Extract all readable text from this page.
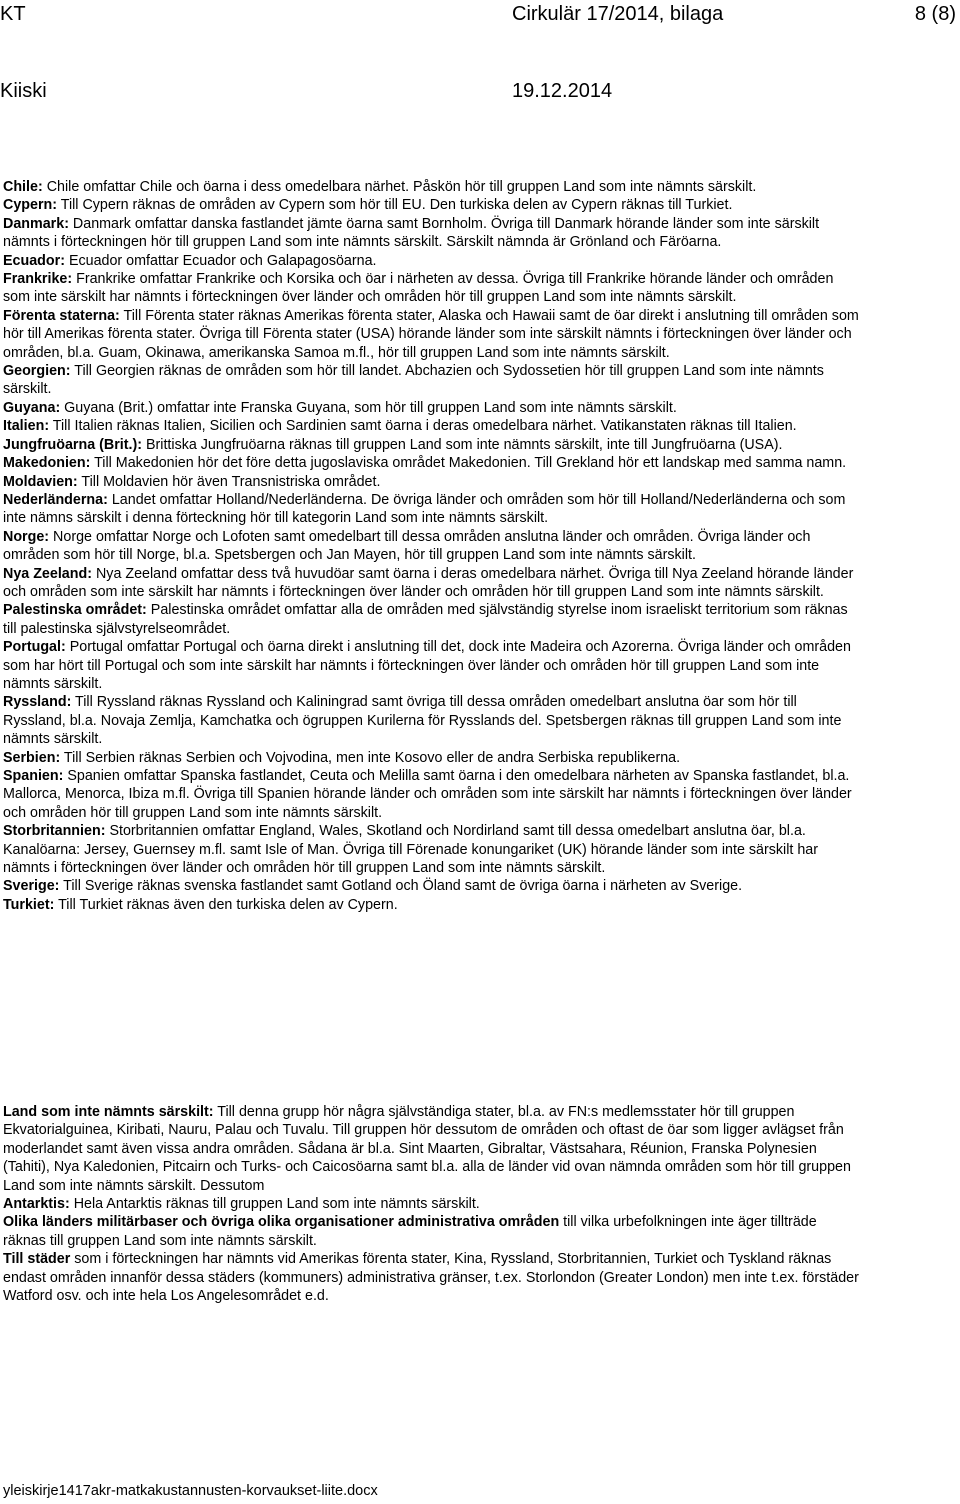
KT	Cirkulär 17/2014, bilaga	8 (8)
Kiiski	19.12.2014

Chile: Chile omfattar Chile och öarna i dess omedelbara närhet. Påskön hör till gruppen Land som inte nämnts särskilt.

Cypern: Till Cypern räknas de områden av Cypern som hör till EU. Den turkiska delen av Cypern räknas till Turkiet.

Danmark: Danmark omfattar danska fastlandet jämte öarna samt Bornholm. Övriga till Danmark hörande länder som inte särskilt nämnts i förteckningen hör till gruppen Land som inte nämnts särskilt. Särskilt nämnda är Grönland och Färöarna.

Ecuador: Ecuador omfattar Ecuador och Galapagosöarna.

Frankrike: Frankrike omfattar Frankrike och Korsika och öar i närheten av dessa. Övriga till Frankrike hörande länder och områden som inte särskilt har nämnts i förteckningen över länder och områden hör till gruppen Land som inte nämnts särskilt.

Förenta staterna: Till Förenta stater räknas Amerikas förenta stater, Alaska och Hawaii samt de öar direkt i anslutning till områden som hör till Amerikas förenta stater. Övriga till Förenta stater (USA) hörande länder som inte särskilt nämnts i förteckningen över länder och områden, bl.a. Guam, Okinawa, amerikanska Samoa m.fl., hör till gruppen Land som inte nämnts särskilt.

Georgien: Till Georgien räknas de områden som hör till landet. Abchazien och Sydossetien hör till gruppen Land som inte nämnts särskilt.

Guyana: Guyana (Brit.) omfattar inte Franska Guyana, som hör till gruppen Land som inte nämnts särskilt.

Italien: Till Italien räknas Italien, Sicilien och Sardinien samt öarna i deras omedelbara närhet. Vatikanstaten räknas till Italien.

Jungfruöarna (Brit.): Brittiska Jungfruöarna räknas till gruppen Land som inte nämnts särskilt, inte till Jungfruöarna (USA).

Makedonien: Till Makedonien hör det före detta jugoslaviska området Makedonien. Till Grekland hör ett landskap med samma namn.

Moldavien: Till Moldavien hör även Transnistriska området.

Nederländerna: Landet omfattar Holland/Nederländerna. De övriga länder och områden som hör till Holland/Nederländerna och som inte nämns särskilt i denna förteckning hör till kategorin Land som inte nämnts särskilt.

Norge: Norge omfattar Norge och Lofoten samt omedelbart till dessa områden anslutna länder och områden. Övriga länder och områden som hör till Norge, bl.a. Spetsbergen och Jan Mayen, hör till gruppen Land som inte nämnts särskilt.

Nya Zeeland: Nya Zeeland omfattar dess två huvudöar samt öarna i deras omedelbara närhet. Övriga till Nya Zeeland hörande länder och områden som inte särskilt har nämnts i förteckningen över länder och områden hör till gruppen Land som inte nämnts särskilt.

Palestinska området: Palestinska området omfattar alla de områden med självständig styrelse inom israeliskt territorium som räknas till palestinska självstyrelseområdet.

Portugal: Portugal omfattar Portugal och öarna direkt i anslutning till det, dock inte Madeira och Azorerna. Övriga länder och områden som har hört till Portugal och som inte särskilt har nämnts i förteckningen över länder och områden hör till gruppen Land som inte nämnts särskilt.

Ryssland: Till Ryssland räknas Ryssland och Kaliningrad samt övriga till dessa områden omedelbart anslutna öar som hör till Ryssland, bl.a. Novaja Zemlja, Kamchatka och ögruppen Kurilerna för Rysslands del. Spetsbergen räknas till gruppen Land som inte nämnts särskilt.

Serbien: Till Serbien räknas Serbien och Vojvodina, men inte Kosovo eller de andra Serbiska republikerna.

Spanien: Spanien omfattar Spanska fastlandet, Ceuta och Melilla samt öarna i den omedelbara närheten av Spanska fastlandet, bl.a. Mallorca, Menorca, Ibiza m.fl. Övriga till Spanien hörande länder och områden som inte särskilt har nämnts i förteckningen över länder och områden hör till gruppen Land som inte nämnts särskilt.

Storbritannien: Storbritannien omfattar England, Wales, Skotland och Nordirland samt till dessa omedelbart anslutna öar, bl.a. Kanalöarna: Jersey, Guernsey m.fl. samt Isle of Man. Övriga till Förenade konungariket (UK) hörande länder som inte särskilt har nämnts i förteckningen över länder och områden hör till gruppen Land som inte nämnts särskilt.

Sverige: Till Sverige räknas svenska fastlandet samt Gotland och Öland samt de övriga öarna i närheten av Sverige.

Turkiet: Till Turkiet räknas även den turkiska delen av Cypern.

Land som inte nämnts särskilt: Till denna grupp hör några självständiga stater, bl.a. av FN:s medlemsstater hör till gruppen Ekvatorialguinea, Kiribati, Nauru, Palau och Tuvalu. Till gruppen hör dessutom de områden och oftast de öar som ligger avlägset från moderlandet samt även vissa andra områden. Sådana är bl.a. Sint Maarten, Gibraltar, Västsahara, Réunion, Franska Polynesien (Tahiti), Nya Kaledonien, Pitcairn och Turks- och Caicosöarna samt bl.a. alla de länder vid ovan nämnda områden som hör till gruppen Land som inte nämnts särskilt. Dessutom

Antarktis: Hela Antarktis räknas till gruppen Land som inte nämnts särskilt.

Olika länders militärbaser och övriga olika organisationer administrativa områden till vilka urbefolkningen inte äger tillträde räknas till gruppen Land som inte nämnts särskilt.

Till städer som i förteckningen har nämnts vid Amerikas förenta stater, Kina, Ryssland, Storbritannien, Turkiet och Tyskland räknas endast områden innanför dessa städers (kommuners) administrativa gränser, t.ex. Storlondon (Greater London) men inte t.ex. förstäder Watford osv. och inte hela Los Angelesområdet e.d.

yleiskirje1417akr-matkakustannusten-korvaukset-liite.docx
